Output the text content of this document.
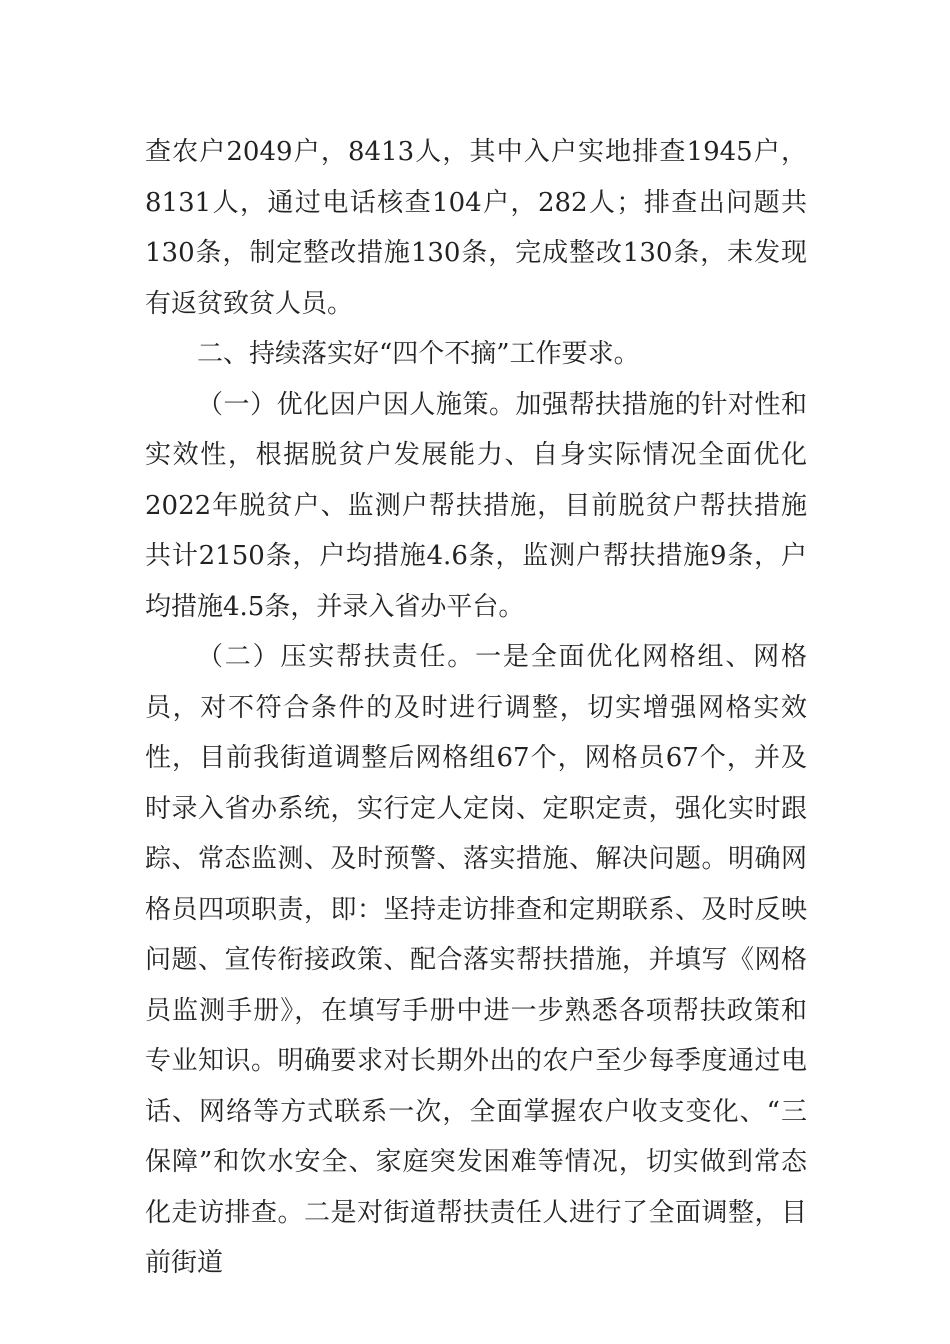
查农户2049户，8413人，其中入户实地排查1945户，8131人，通过电话核查104户，282人；排查出问题共130条，制定整改措施130条，完成整改130条，未发现有返贫致贫人员。

二、持续落实好“四个不摘”工作要求。

（一）优化因户因人施策。加强帮扶措施的针对性和实效性，根据脱贫户发展能力、自身实际情况全面优化2022年脱贫户、监测户帮扶措施，目前脱贫户帮扶措施共计2150条，户均措施4.6条，监测户帮扶措施9条，户均措施4.5条，并录入省办平台。

（二）压实帮扶责任。一是全面优化网格组、网格员，对不符合条件的及时进行调整，切实增强网格实效性，目前我街道调整后网格组67个，网格员67个，并及时录入省办系统，实行定人定岗、定职定责，强化实时跟踪、常态监测、及时预警、落实措施、解决问题。明确网格员四项职责，即：坚持走访排查和定期联系、及时反映问题、宣传衔接政策、配合落实帮扶措施，并填写《网格员监测手册》，在填写手册中进一步熟悉各项帮扶政策和专业知识。明确要求对长期外出的农户至少每季度通过电话、网络等方式联系一次，全面掌握农户收支变化、“三保障”和饮水安全、家庭突发困难等情况，切实做到常态化走访排查。二是对街道帮扶责任人进行了全面调整，目前街道
